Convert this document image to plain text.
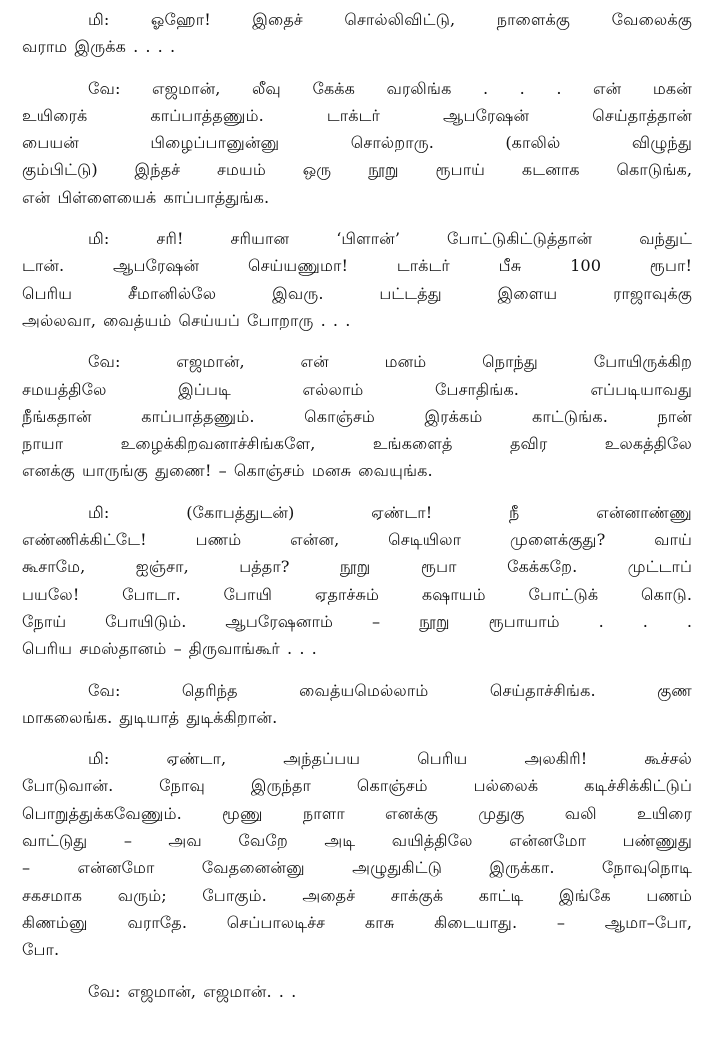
மி: ஓஹோ! இதைச் சொல்லிவிட்டு, நாளைக்கு வேலைக்கு
வராம இருக்க . . . .

வே: எஜமான், லீவு கேக்க வரலிங்க . . . என் மகன்
உயிரைக் காப்பாத்தணும். டாக்டர் ஆபரேஷன் செய்தாத்தான்
பையன் பிழைப்பானுன்னு சொல்றாரு. (காலில் விழுந்து
கும்பிட்டு) இந்தச் சமயம் ஒரு நூறு ரூபாய் கடனாக கொடுங்க,
என் பிள்ளையைக் காப்பாத்துங்க.

மி: சரி! சரியான ‘பிளான்’ போட்டுகிட்டுத்தான் வந்துட்
டான். ஆபரேஷன் செய்யணுமா! டாக்டர் பீசு 100 ரூபா!
பெரிய சீமானில்லே இவரு. பட்டத்து இளைய ராஜாவுக்கு
அல்லவா, வைத்யம் செய்யப் போறாரு . . .

வே: எஜமான், என் மனம் நொந்து போயிருக்கிற
சமயத்திலே இப்படி எல்லாம் பேசாதிங்க. எப்படியாவது
நீங்கதான் காப்பாத்தணும். கொஞ்சம் இரக்கம் காட்டுங்க. நான்
நாயா உழைக்கிறவனாச்சிங்களே, உங்களைத் தவிர உலகத்திலே
எனக்கு யாருங்கு துணை! – கொஞ்சம் மனசு வையுங்க.

மி: (கோபத்துடன்) ஏண்டா! நீ என்னாண்ணு
எண்ணிக்கிட்டே! பணம் என்ன, செடியிலா முளைக்குது? வாய்
கூசாமே, ஐஞ்சா, பத்தா? நூறு ரூபா கேக்கறே. முட்டாப்
பயலே! போடா. போயி ஏதாச்சும் கஷாயம் போட்டுக் கொடு.
நோய் போயிடும். ஆபரேஷனாம் – நூறு ரூபாயாம் . . .
பெரிய சமஸ்தானம் – திருவாங்கூர் . . .

வே: தெரிந்த வைத்யமெல்லாம் செய்தாச்சிங்க. குண
மாகலைங்க. துடியாத் துடிக்கிறான்.

மி: ஏண்டா, அந்தப்பய பெரிய அலகிரி! கூச்சல்
போடுவான். நோவு இருந்தா கொஞ்சம் பல்லைக் கடிச்சிக்கிட்டுப்
பொறுத்துக்கவேணும். மூணு நாளா எனக்கு முதுகு வலி உயிரை
வாட்டுது – அவ வேறே அடி வயித்திலே என்னமோ பண்ணுது
– என்னமோ வேதனைன்னு அழுதுகிட்டு இருக்கா. நோவுநொடி
சகசமாக வரும்; போகும். அதைச் சாக்குக் காட்டி இங்கே பணம்
கிணம்னு வராதே. செப்பாலடிச்ச காசு கிடையாது. – ஆமா–போ,
போ.

வே: எஜமான், எஜமான். . .
